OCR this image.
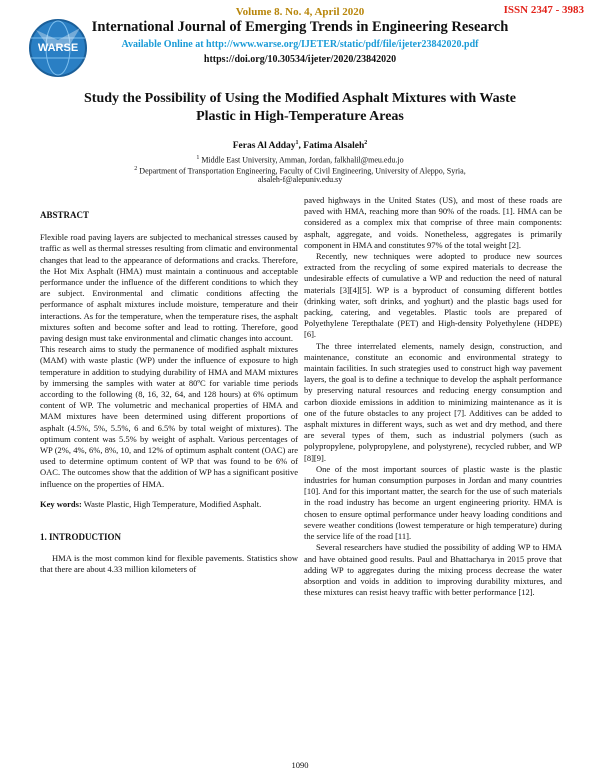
WARSE
Volume 8. No. 4, April 2020	ISSN 2347 - 3983
International Journal of Emerging Trends in Engineering Research
Available Online at http://www.warse.org/IJETER/static/pdf/file/ijeter23842020.pdf
https://doi.org/10.30534/ijeter/2020/23842020
Study the Possibility of Using the Modified Asphalt Mixtures with Waste
Plastic in High-Temperature Areas
Feras Al Adday$^1$, Fatima Alsaleh$^2$
$^1$ Middle East University, Amman, Jordan, falkhalil@meu.edu.jo
$^2$ Department of Transportation Engineering, Faculty of Civil Engineering, University of Aleppo, Syria,
alsaleh-f@alepuniv.edu.sy

ABSTRACT

Flexible road paving layers are subjected to mechanical stresses caused by traffic as well as thermal stresses resulting from climatic and environmental changes that lead to the appearance of deformations and cracks. Therefore, the Hot Mix Asphalt (HMA) must maintain a continuous and acceptable performance under the influence of the different conditions to which they are subject. Environmental and climatic conditions affecting the performance of asphalt mixtures include moisture, temperature and their interactions. As for the temperature, when the temperature rises, the asphalt mixtures soften and become softer and lead to rotting. Therefore, good paving design must take environmental and climatic changes into account.

This research aims to study the permanence of modified asphalt mixtures (MAM) with waste plastic (WP) under the influence of exposure to high temperature in addition to studying durability of HMA and MAM mixtures by immersing the samples with water at 80ºC for variable time periods according to the following (8, 16, 32, 64, and 128 hours) at 6% optimum content of WP. The volumetric and mechanical properties of HMA and MAM mixtures have been determined using different proportions of asphalt (4.5%, 5%, 5.5%, 6 and 6.5% by total weight of mixtures). The optimum content was 5.5% by weight of asphalt. Various percentages of WP (2%, 4%, 6%, 8%, 10, and 12% of optimum asphalt content (OAC) are used to determine optimum content of WP that was found to be 6% of OAC. The outcomes show that the addition of WP has a significant positive influence on the properties of HMA.

Key words: Waste Plastic, High Temperature, Modified Asphalt.

1. INTRODUCTION

HMA is the most common kind for flexible pavements. Statistics show that there are about 4.33 million kilometers of

paved highways in the United States (US), and most of these roads are paved with HMA, reaching more than 90% of the roads. [1]. HMA can be considered as a complex mix that comprise of three main components: asphalt, aggregate, and voids. Nonetheless, aggregates is primarily component in HMA and constitutes 97% of the total weight [2].

Recently, new techniques were adopted to produce new sources extracted from the recycling of some expired materials to decrease the undesirable effects of cumulative a WP and reduction the need of natural materials [3][4][5]. WP is a byproduct of consuming different bottles (drinking water, soft drinks, and yoghurt) and the plastic bags used for packing, catering, and vegetables. Plastic tools are prepared of Polyethylene Terepthalate (PET) and High-density Polyethylene (HDPE) [6].

The three interrelated elements, namely design, construction, and maintenance, constitute an economic and environmental strategy to maintain facilities. In such strategies used to construct high way pavement layers, the goal is to define a technique to develop the asphalt performance by preserving natural resources and reducing energy consumption and carbon dioxide emissions in addition to minimizing maintenance as it is one of the future obstacles to any project [7]. Additives can be added to asphalt mixtures in different ways, such as wet and dry method, and there are several types of them, such as industrial polymers (such as polypropylene, polypropylene, and polystyrene), recycled rubber, and WP [8][9].

One of the most important sources of plastic waste is the plastic industries for human consumption purposes in Jordan and many countries [10]. And for this important matter, the search for the use of such materials in the road industry has become an urgent engineering priority. HMA is chosen to ensure optimal performance under heavy loading conditions and severe weather conditions (lowest temperature or high temperature) during the service life of the road [11].

Several researchers have studied the possibility of adding WP to HMA and have obtained good results. Paul and Bhattacharya in 2015 prove that adding WP to aggregates during the mixing process decrease the water absorption and voids in addition to improving durability mixtures, and these mixtures can resist heavy traffic with better performance [12].

1090
